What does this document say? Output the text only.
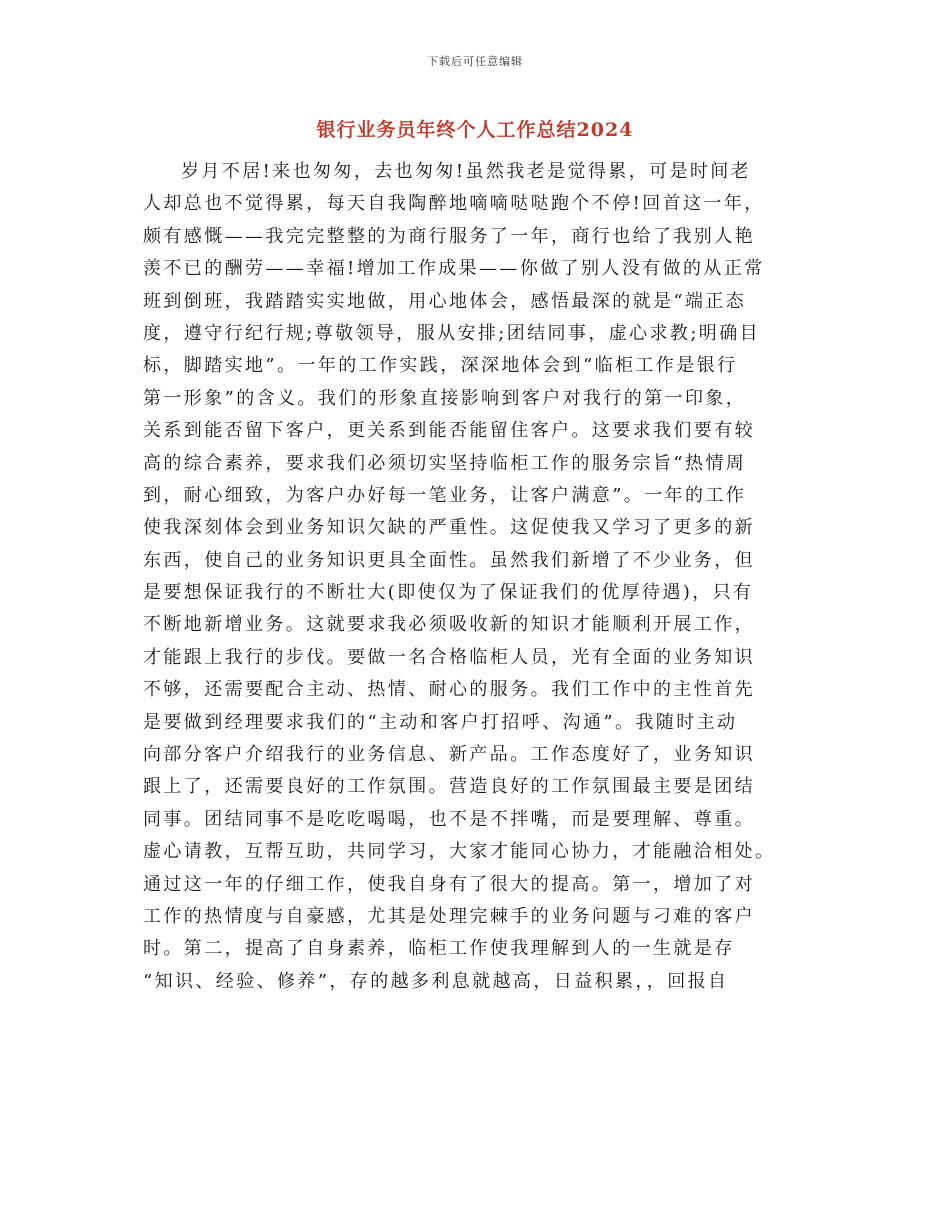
下载后可任意编辑
银行业务员年终个人工作总结2024
岁月不居!来也匆匆，去也匆匆!虽然我老是觉得累，可是时间老
人却总也不觉得累，每天自我陶醉地嘀嘀哒哒跑个不停!回首这一年，
颇有感慨——我完完整整的为商行服务了一年，商行也给了我别人艳
羡不已的酬劳——幸福!增加工作成果——你做了别人没有做的从正常
班到倒班，我踏踏实实地做，用心地体会，感悟最深的就是“端正态
度，遵守行纪行规;尊敬领导，服从安排;团结同事，虚心求教;明确目
标，脚踏实地”。一年的工作实践，深深地体会到“临柜工作是银行
第一形象”的含义。我们的形象直接影响到客户对我行的第一印象，
关系到能否留下客户，更关系到能否能留住客户。这要求我们要有较
高的综合素养，要求我们必须切实坚持临柜工作的服务宗旨“热情周
到，耐心细致，为客户办好每一笔业务，让客户满意”。一年的工作
使我深刻体会到业务知识欠缺的严重性。这促使我又学习了更多的新
东西，使自己的业务知识更具全面性。虽然我们新增了不少业务，但
是要想保证我行的不断壮大(即使仅为了保证我们的优厚待遇)，只有
不断地新增业务。这就要求我必须吸收新的知识才能顺利开展工作，
才能跟上我行的步伐。要做一名合格临柜人员，光有全面的业务知识
不够，还需要配合主动、热情、耐心的服务。我们工作中的主性首先
是要做到经理要求我们的“主动和客户打招呼、沟通”。我随时主动
向部分客户介绍我行的业务信息、新产品。工作态度好了，业务知识
跟上了，还需要良好的工作氛围。营造良好的工作氛围最主要是团结
同事。团结同事不是吃吃喝喝，也不是不拌嘴，而是要理解、尊重。
虚心请教，互帮互助，共同学习，大家才能同心协力，才能融洽相处。
通过这一年的仔细工作，使我自身有了很大的提高。第一，增加了对
工作的热情度与自豪感，尤其是处理完棘手的业务问题与刁难的客户
时。第二，提高了自身素养，临柜工作使我理解到人的一生就是存
“知识、经验、修养”，存的越多利息就越高，日益积累，，回报自
